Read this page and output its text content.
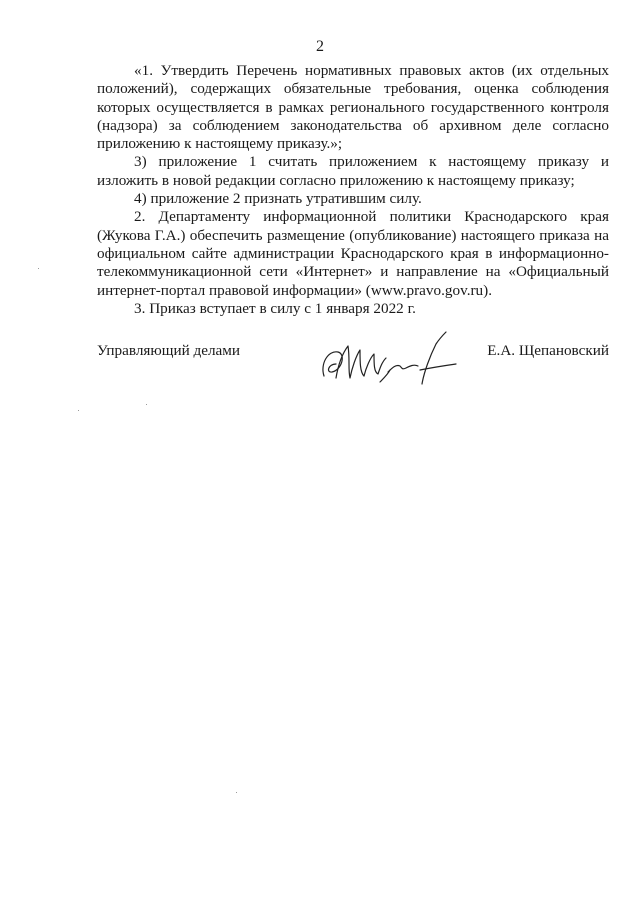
2

«1. Утвердить Перечень нормативных правовых актов (их отдельных положений), содержащих обязательные требования, оценка соблюдения которых осуществляется в рамках регионального государственного контроля (надзора) за соблюдением законодательства об архивном деле согласно приложению к настоящему приказу.»;

3) приложение 1 считать приложением к настоящему приказу и изложить в новой редакции согласно приложению к настоящему приказу;

4) приложение 2 признать утратившим силу.

2. Департаменту информационной политики Краснодарского края (Жукова Г.А.) обеспечить размещение (опубликование) настоящего приказа на официальном сайте администрации Краснодарского края в информационно-телекоммуникационной сети «Интернет» и направление на «Официальный интернет-портал правовой информации» (www.pravo.gov.ru).

3. Приказ вступает в силу с 1 января 2022 г.

Управляющий делами	Е.А. Щепановский
